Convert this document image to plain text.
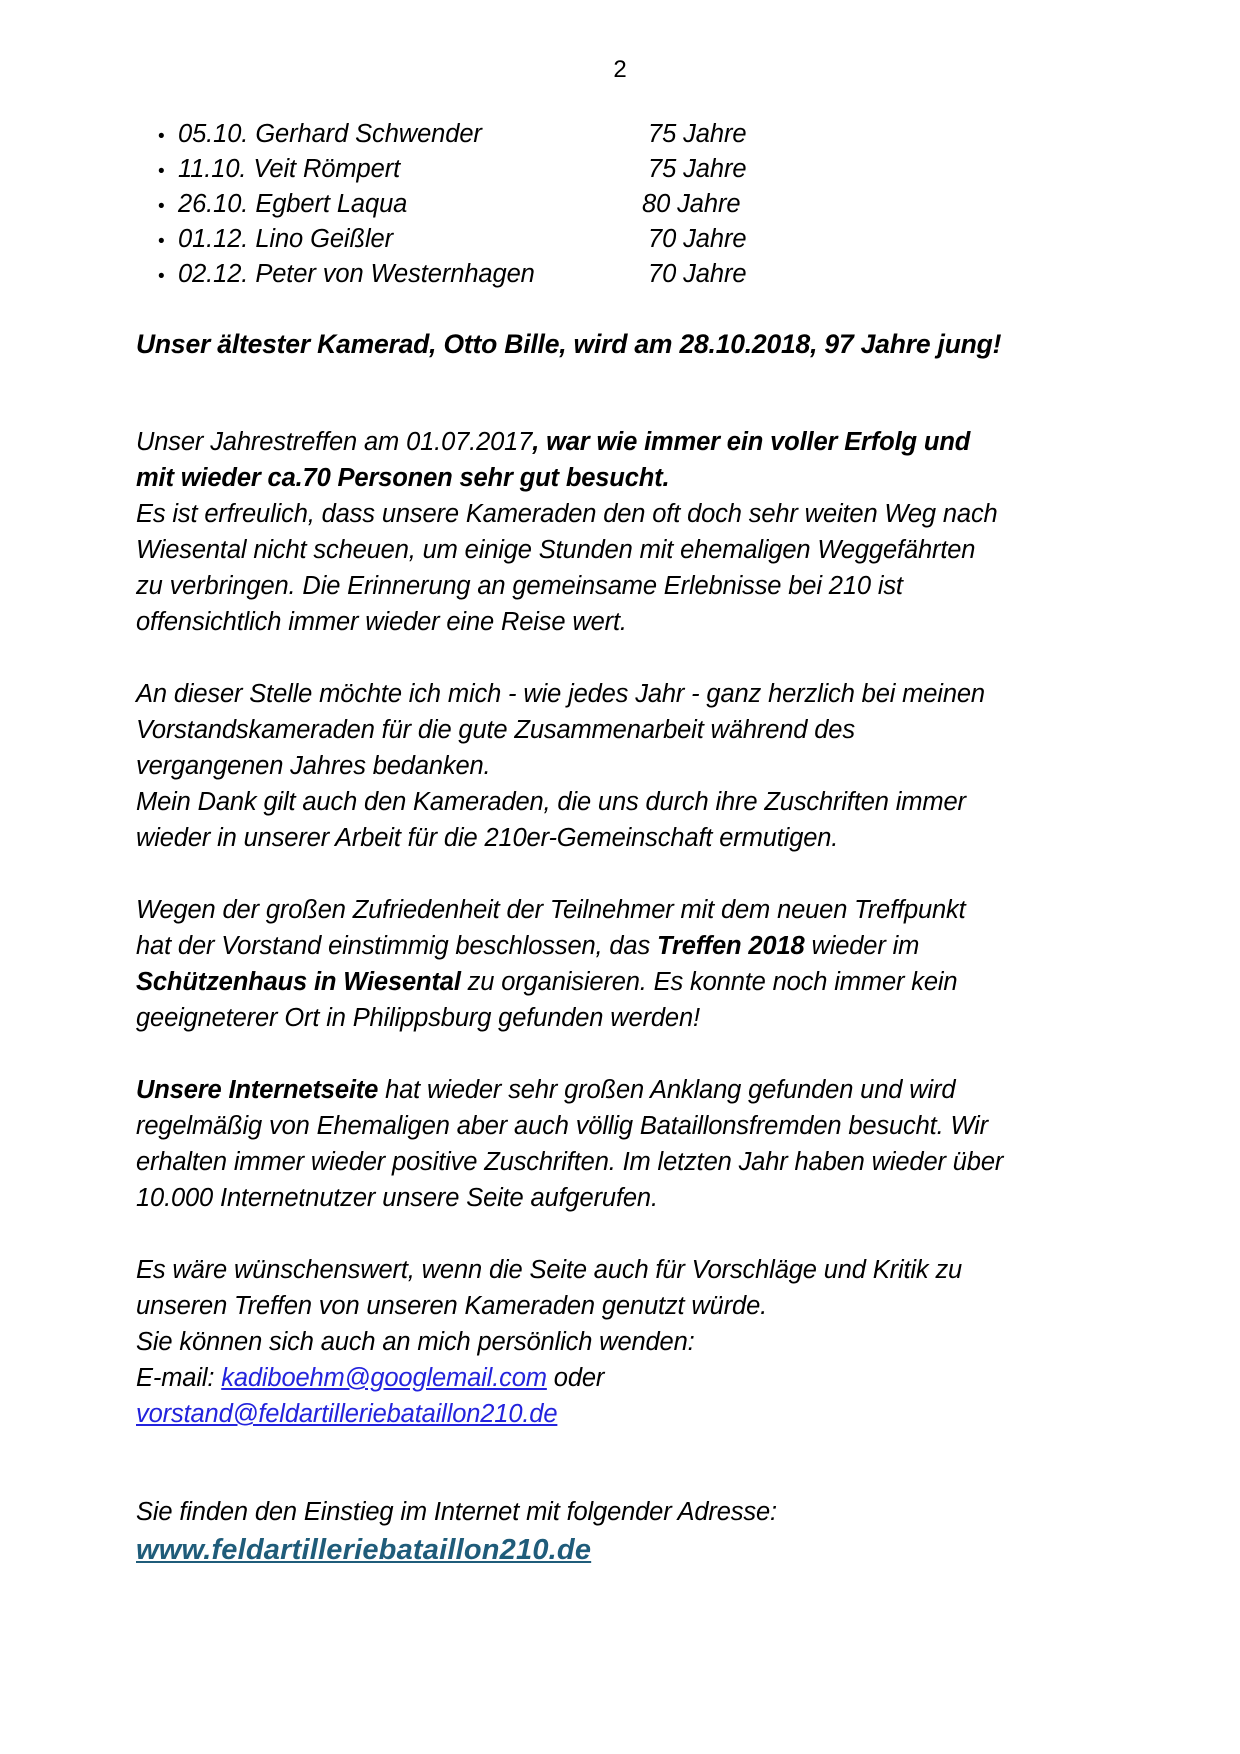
2
• 05.10. Gerhard Schwender	75 Jahre
• 11.10. Veit Römpert	75 Jahre
• 26.10. Egbert Laqua	80 Jahre
• 01.12. Lino Geißler	70 Jahre
• 02.12. Peter von Westernhagen	70 Jahre
Unser ältester Kamerad, Otto Bille, wird am 28.10.2018, 97 Jahre jung!

Unser Jahrestreffen am 01.07.2017, war wie immer ein voller Erfolg und mit wieder ca.70 Personen sehr gut besucht.

Es ist erfreulich, dass unsere Kameraden den oft doch sehr weiten Weg nach Wiesental nicht scheuen, um einige Stunden mit ehemaligen Weggefährten zu verbringen. Die Erinnerung an gemeinsame Erlebnisse bei 210 ist offensichtlich immer wieder eine Reise wert.

An dieser Stelle möchte ich mich - wie jedes Jahr - ganz herzlich bei meinen Vorstandskameraden für die gute Zusammenarbeit während des vergangenen Jahres bedanken.

Mein Dank gilt auch den Kameraden, die uns durch ihre Zuschriften immer wieder in unserer Arbeit für die 210er-Gemeinschaft ermutigen.

Wegen der großen Zufriedenheit der Teilnehmer mit dem neuen Treffpunkt hat der Vorstand einstimmig beschlossen, das Treffen 2018 wieder im Schützenhaus in Wiesental zu organisieren. Es konnte noch immer kein geeigneterer Ort in Philippsburg gefunden werden!

Unsere Internetseite hat wieder sehr großen Anklang gefunden und wird regelmäßig von Ehemaligen aber auch völlig Bataillonsfremden besucht. Wir erhalten immer wieder positive Zuschriften. Im letzten Jahr haben wieder über 10.000 Internetnutzer unsere Seite aufgerufen.

Es wäre wünschenswert, wenn die Seite auch für Vorschläge und Kritik zu unseren Treffen von unseren Kameraden genutzt würde.

Sie können sich auch an mich persönlich wenden:

E-mail: kadiboehm@googlemail.com oder

vorstand@feldartilleriebataillon210.de

Sie finden den Einstieg im Internet mit folgender Adresse:

www.feldartilleriebataillon210.de
